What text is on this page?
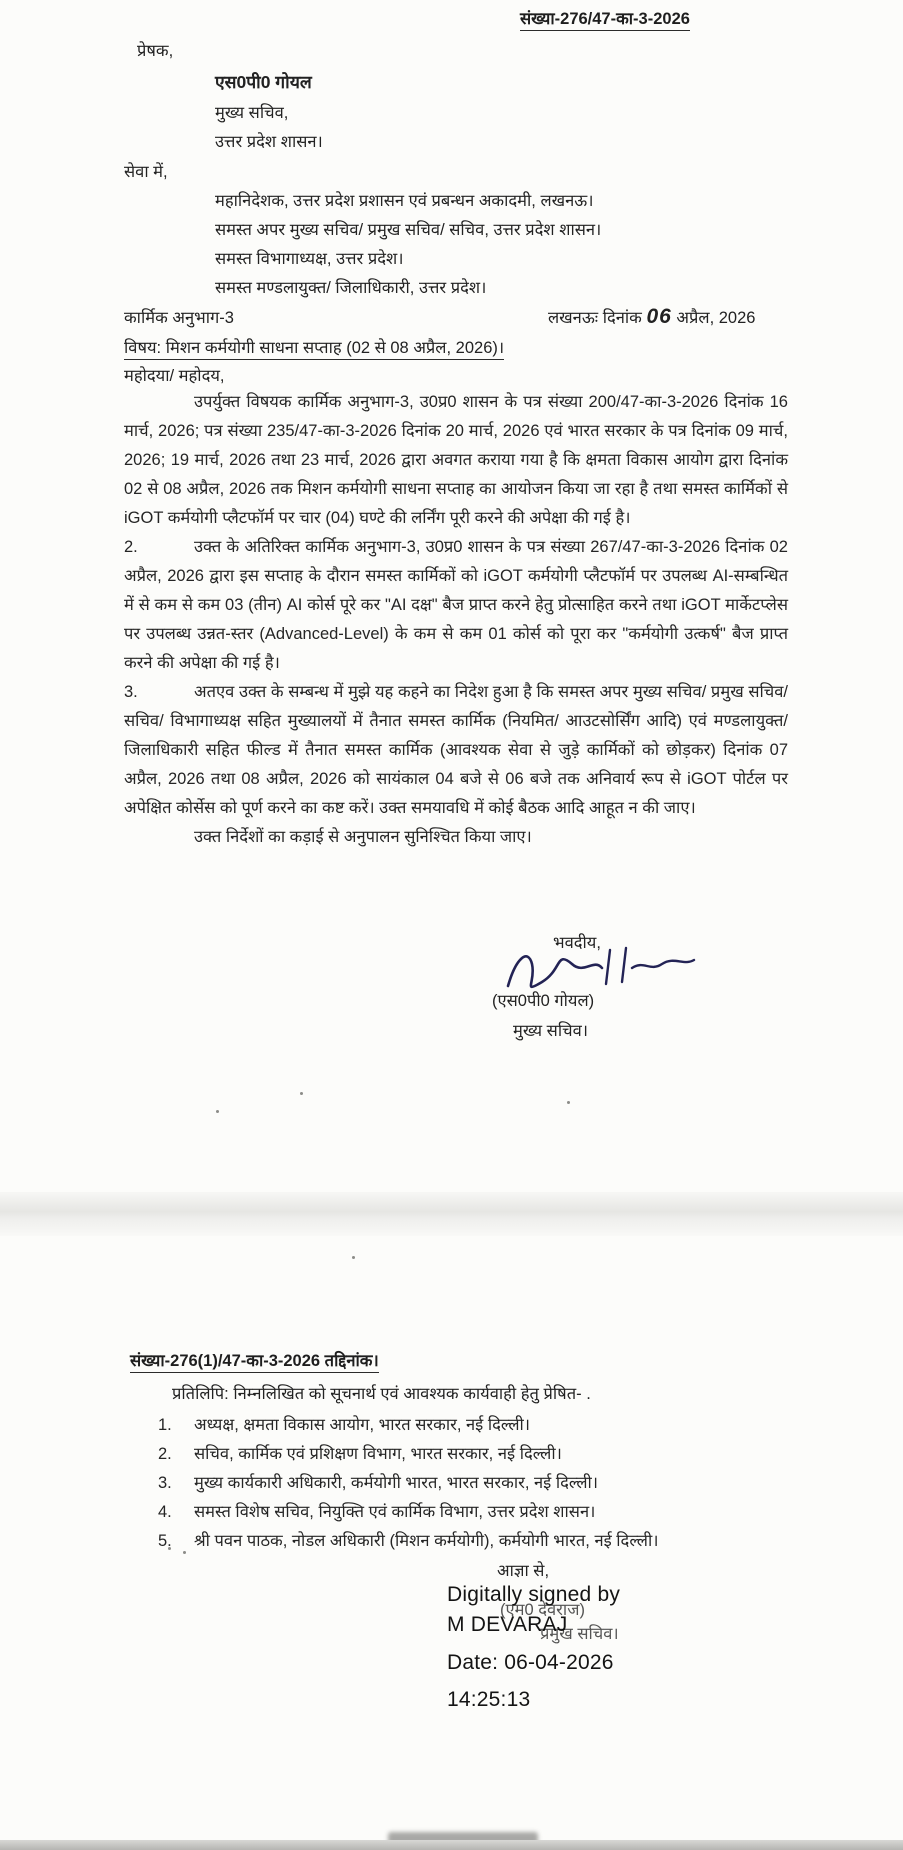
संख्या-276/47-का-3-2026
प्रेषक,
एस0पी0 गोयल
मुख्य सचिव,
उत्तर प्रदेश शासन।
सेवा में,
महानिदेशक, उत्तर प्रदेश प्रशासन एवं प्रबन्धन अकादमी, लखनऊ।
समस्त अपर मुख्य सचिव/ प्रमुख सचिव/ सचिव, उत्तर प्रदेश शासन।
समस्त विभागाध्यक्ष, उत्तर प्रदेश।
समस्त मण्डलायुक्त/ जिलाधिकारी, उत्तर प्रदेश।
कार्मिक अनुभाग-3	लखनऊः दिनांक 06 अप्रैल, 2026
विषय: मिशन कर्मयोगी साधना सप्ताह (02 से 08 अप्रैल, 2026)।
महोदया/ महोदय,

उपर्युक्त विषयक कार्मिक अनुभाग-3, उ0प्र0 शासन के पत्र संख्या 200/47-का-3-2026 दिनांक 16 मार्च, 2026; पत्र संख्या 235/47-का-3-2026 दिनांक 20 मार्च, 2026 एवं भारत सरकार के पत्र दिनांक 09 मार्च, 2026; 19 मार्च, 2026 तथा 23 मार्च, 2026 द्वारा अवगत कराया गया है कि क्षमता विकास आयोग द्वारा दिनांक 02 से 08 अप्रैल, 2026 तक मिशन कर्मयोगी साधना सप्ताह का आयोजन किया जा रहा है तथा समस्त कार्मिकों से iGOT कर्मयोगी प्लैटफॉर्म पर चार (04) घण्टे की लर्निंग पूरी करने की अपेक्षा की गई है।

2.	उक्त के अतिरिक्त कार्मिक अनुभाग-3, उ0प्र0 शासन के पत्र संख्या 267/47-का-3-2026 दिनांक 02 अप्रैल, 2026 द्वारा इस सप्ताह के दौरान समस्त कार्मिकों को iGOT कर्मयोगी प्लैटफॉर्म पर उपलब्ध AI-सम्बन्धित में से कम से कम 03 (तीन) AI कोर्स पूरे कर "AI दक्ष" बैज प्राप्त करने हेतु प्रोत्साहित करने तथा iGOT मार्केटप्लेस पर उपलब्ध उन्नत-स्तर (Advanced-Level) के कम से कम 01 कोर्स को पूरा कर "कर्मयोगी उत्कर्ष" बैज प्राप्त करने की अपेक्षा की गई है।

3.	अतएव उक्त के सम्बन्ध में मुझे यह कहने का निदेश हुआ है कि समस्त अपर मुख्य सचिव/ प्रमुख सचिव/ सचिव/ विभागाध्यक्ष सहित मुख्यालयों में तैनात समस्त कार्मिक (नियमित/ आउटसोर्सिंग आदि) एवं मण्डलायुक्त/ जिलाधिकारी सहित फील्ड में तैनात समस्त कार्मिक (आवश्यक सेवा से जुड़े कार्मिकों को छोड़कर) दिनांक 07 अप्रैल, 2026 तथा 08 अप्रैल, 2026 को सायंकाल 04 बजे से 06 बजे तक अनिवार्य रूप से iGOT पोर्टल पर अपेक्षित कोर्सेस को पूर्ण करने का कष्ट करें। उक्त समयावधि में कोई बैठक आदि आहूत न की जाए।

उक्त निर्देशों का कड़ाई से अनुपालन सुनिश्चित किया जाए।

भवदीय,
(एस0पी0 गोयल)
मुख्य सचिव।
संख्या-276(1)/47-का-3-2026 तद्दिनांक।
प्रतिलिपि: निम्नलिखित को सूचनार्थ एवं आवश्यक कार्यवाही हेतु प्रेषित- .
1. अध्यक्ष, क्षमता विकास आयोग, भारत सरकार, नई दिल्ली।
2. सचिव, कार्मिक एवं प्रशिक्षण विभाग, भारत सरकार, नई दिल्ली।
3. मुख्य कार्यकारी अधिकारी, कर्मयोगी भारत, भारत सरकार, नई दिल्ली।
4. समस्त विशेष सचिव, नियुक्ति एवं कार्मिक विभाग, उत्तर प्रदेश शासन।
5. श्री पवन पाठक, नोडल अधिकारी (मिशन कर्मयोगी), कर्मयोगी भारत, नई दिल्ली।
आज्ञा से,
(एम0 देवराज)
प्रमुख सचिव।
Digitally signed by
M DEVARAJ
Date: 06-04-2026
14:25:13
